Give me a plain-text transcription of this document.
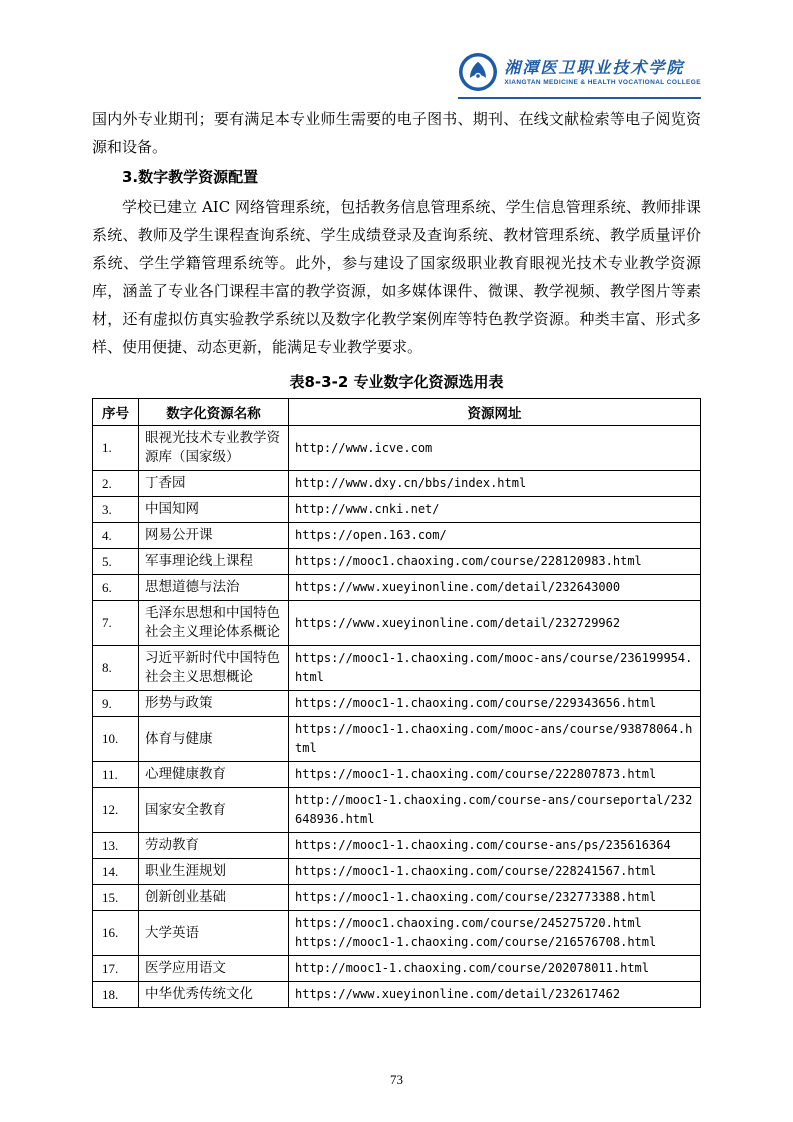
湘潭医卫职业技术学院
XIANGTAN MEDICINE & HEALTH VOCATIONAL COLLEGE

国内外专业期刊；要有满足本专业师生需要的电子图书、期刊、在线文献检索等电子阅览资源和设备。

3.数字教学资源配置

学校已建立 AIC 网络管理系统，包括教务信息管理系统、学生信息管理系统、教师排课系统、教师及学生课程查询系统、学生成绩登录及查询系统、教材管理系统、教学质量评价系统、学生学籍管理系统等。此外，参与建设了国家级职业教育眼视光技术专业教学资源库，涵盖了专业各门课程丰富的教学资源，如多媒体课件、微课、教学视频、教学图片等素材，还有虚拟仿真实验教学系统以及数字化教学案例库等特色教学资源。种类丰富、形式多样、使用便捷、动态更新，能满足专业教学要求。

表8-3-2 专业数字化资源选用表
序号	数字化资源名称	资源网址
1.	眼视光技术专业教学资源库（国家级）	http://www.icve.com

2.	丁香园	http://www.dxy.cn/bbs/index.html

3.	中国知网	http://www.cnki.net/

4.	网易公开课	https://open.163.com/

5.	军事理论线上课程	https://mooc1.chaoxing.com/course/228120983.html

6.	思想道德与法治	https://www.xueyinonline.com/detail/232643000

7.	毛泽东思想和中国特色社会主义理论体系概论	https://www.xueyinonline.com/detail/232729962

8.	习近平新时代中国特色社会主义思想概论	https://mooc1-1.chaoxing.com/mooc-ans/course/236199954.html

9.	形势与政策	https://mooc1-1.chaoxing.com/course/229343656.html

10.	体育与健康	https://mooc1-1.chaoxing.com/mooc-ans/course/93878064.html

11.	心理健康教育	https://mooc1-1.chaoxing.com/course/222807873.html

12.	国家安全教育	http://mooc1-1.chaoxing.com/course-ans/courseportal/232648936.html

13.	劳动教育	https://mooc1-1.chaoxing.com/course-ans/ps/235616364

14.	职业生涯规划	https://mooc1-1.chaoxing.com/course/228241567.html

15.	创新创业基础	https://mooc1-1.chaoxing.com/course/232773388.html

16.	大学英语	https://mooc1.chaoxing.com/course/245275720.html
https://mooc1-1.chaoxing.com/course/216576708.html

17.	医学应用语文	http://mooc1-1.chaoxing.com/course/202078011.html

18.	中华优秀传统文化	https://www.xueyinonline.com/detail/232617462
73
